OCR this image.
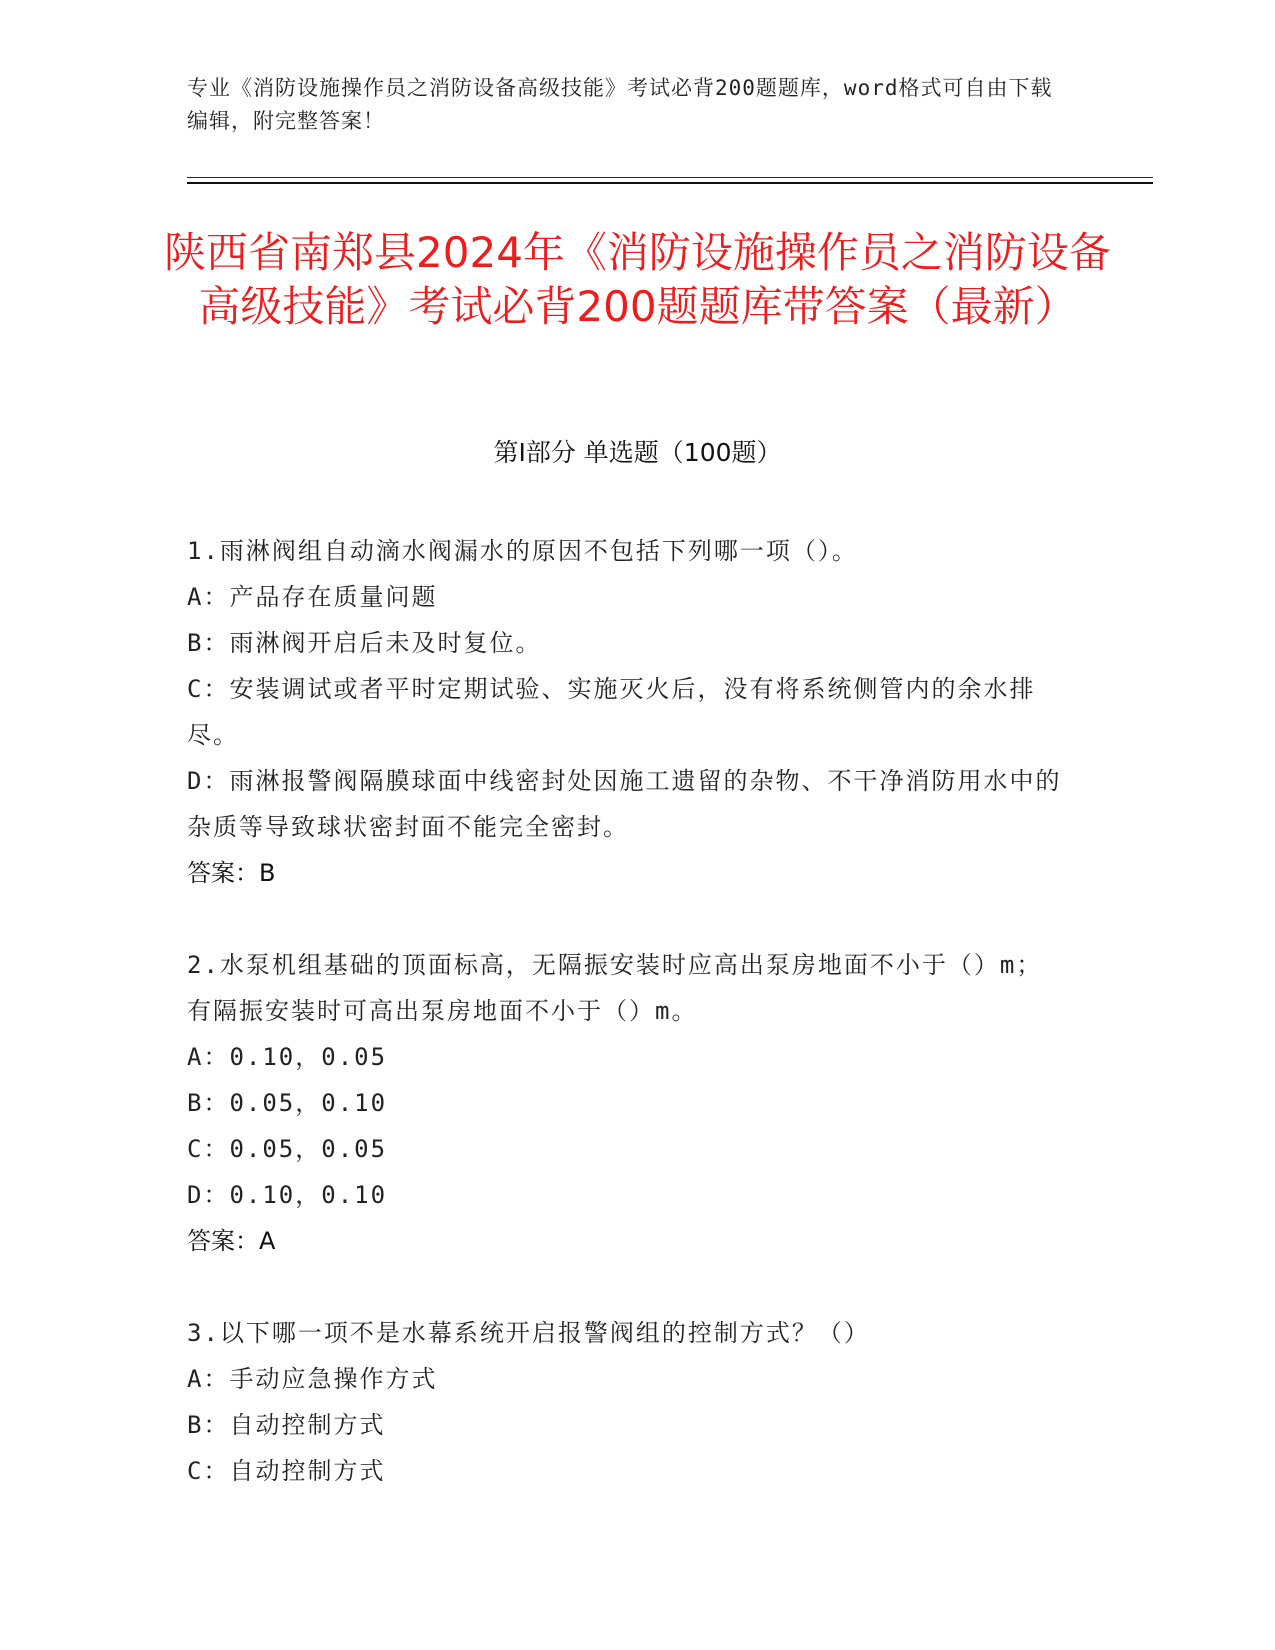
专业《消防设施操作员之消防设备高级技能》考试必背200题题库，word格式可自由下载编辑，附完整答案！
陕西省南郑县2024年《消防设施操作员之消防设备高级技能》考试必背200题题库带答案（最新）
第I部分 单选题（100题）
1.雨淋阀组自动滴水阀漏水的原因不包括下列哪一项（）。
A：产品存在质量问题
B：雨淋阀开启后未及时复位。
C：安装调试或者平时定期试验、实施灭火后，没有将系统侧管内的余水排尽。
D：雨淋报警阀隔膜球面中线密封处因施工遗留的杂物、不干净消防用水中的杂质等导致球状密封面不能完全密封。
答案：B
2.水泵机组基础的顶面标高，无隔振安装时应高出泵房地面不小于（）m；有隔振安装时可高出泵房地面不小于（）m。
A：0.10，0.05
B：0.05，0.10
C：0.05，0.05
D：0.10，0.10
答案：A
3.以下哪一项不是水幕系统开启报警阀组的控制方式？（）
A：手动应急操作方式
B：自动控制方式
C：自动控制方式
